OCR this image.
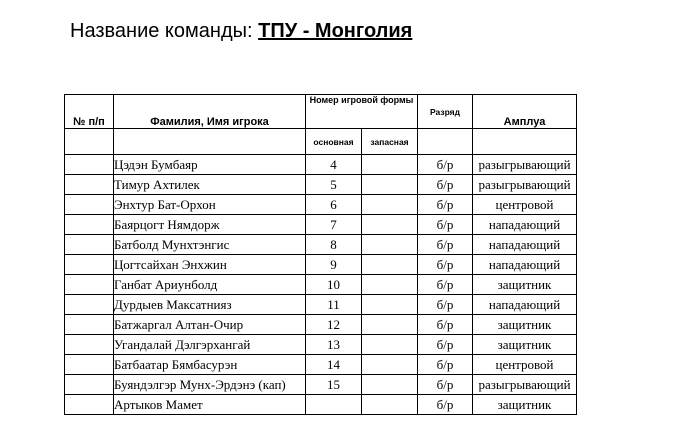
Название команды: ТПУ - Монголия
№ п/п	Фамилия, Имя игрока	Номер игровой формы		Разряд	Амплуа

		основная	запасная		
	Цэдэн Бумбаяр	4		б/р	разыгрывающий
	Тимур Ахтилек	5		б/р	разыгрывающий
	Энхтур Бат-Орхон	6		б/р	центровой
	Баярцогт Нямдорж	7		б/р	нападающий
	Батболд Мунхтэнгис	8		б/р	нападающий
	Цогтсайхан Энхжин	9		б/р	нападающий
	Ганбат Ариунболд	10		б/р	защитник
	Дурдыев Максатнияз	11		б/р	нападающий
	Батжаргал Алтан-Очир	12		б/р	защитник
	Угандалай Дэлгэрхангай	13		б/р	защитник
	Батбаатар Бямбасурэн	14		б/р	центровой
	Буяндэлгэр Мунх-Эрдэнэ (кап)	15		б/р	разыгрывающий
	Артыков Мамет			б/р	защитник
